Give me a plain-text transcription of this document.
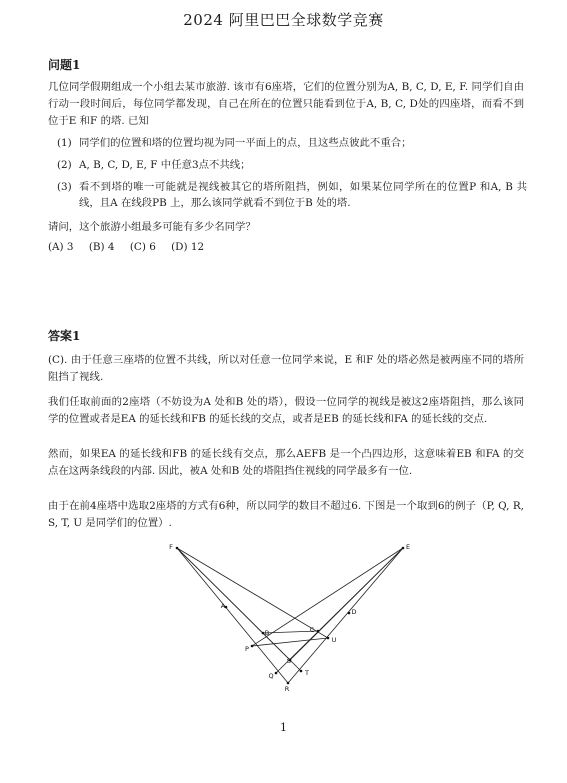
2024 阿里巴巴全球数学竞赛
问题1
几位同学假期组成一个小组去某市旅游. 该市有6座塔，它们的位置分别为A, B, C, D, E, F. 同学们自由行动一段时间后，每位同学都发现，自己在所在的位置只能看到位于A, B, C, D处的四座塔，而看不到位于E 和F 的塔. 已知
(1) 同学们的位置和塔的位置均视为同一平面上的点，且这些点彼此不重合；
(2) A, B, C, D, E, F 中任意3点不共线；
(3) 看不到塔的唯一可能就是视线被其它的塔所阻挡，例如，如果某位同学所在的位置P 和A, B 共线，且A 在线段PB 上，那么该同学就看不到位于B 处的塔.
请问，这个旅游小组最多可能有多少名同学？
(A) 3 (B) 4 (C) 6 (D) 12
答案1
(C). 由于任意三座塔的位置不共线，所以对任意一位同学来说，E 和F 处的塔必然是被两座不同的塔所阻挡了视线.
我们任取前面的2座塔（不妨设为A 处和B 处的塔），假设一位同学的视线是被这2座塔阻挡，那么该同学的位置或者是EA 的延长线和FB 的延长线的交点，或者是EB 的延长线和FA 的延长线的交点.
然而，如果EA 的延长线和FB 的延长线有交点，那么AEFB 是一个凸四边形，这意味着EB 和FA 的交点在这两条线段的内部. 因此，被A 处和B 处的塔阻挡住视线的同学最多有一位.
由于在前4座塔中选取2座塔的方式有6种，所以同学的数目不超过6. 下图是一个取到6的例子（P, Q, R, S, T, U 是同学们的位置）.
F	E
A
B	C
D
P
U
S
Q	T
R
1
